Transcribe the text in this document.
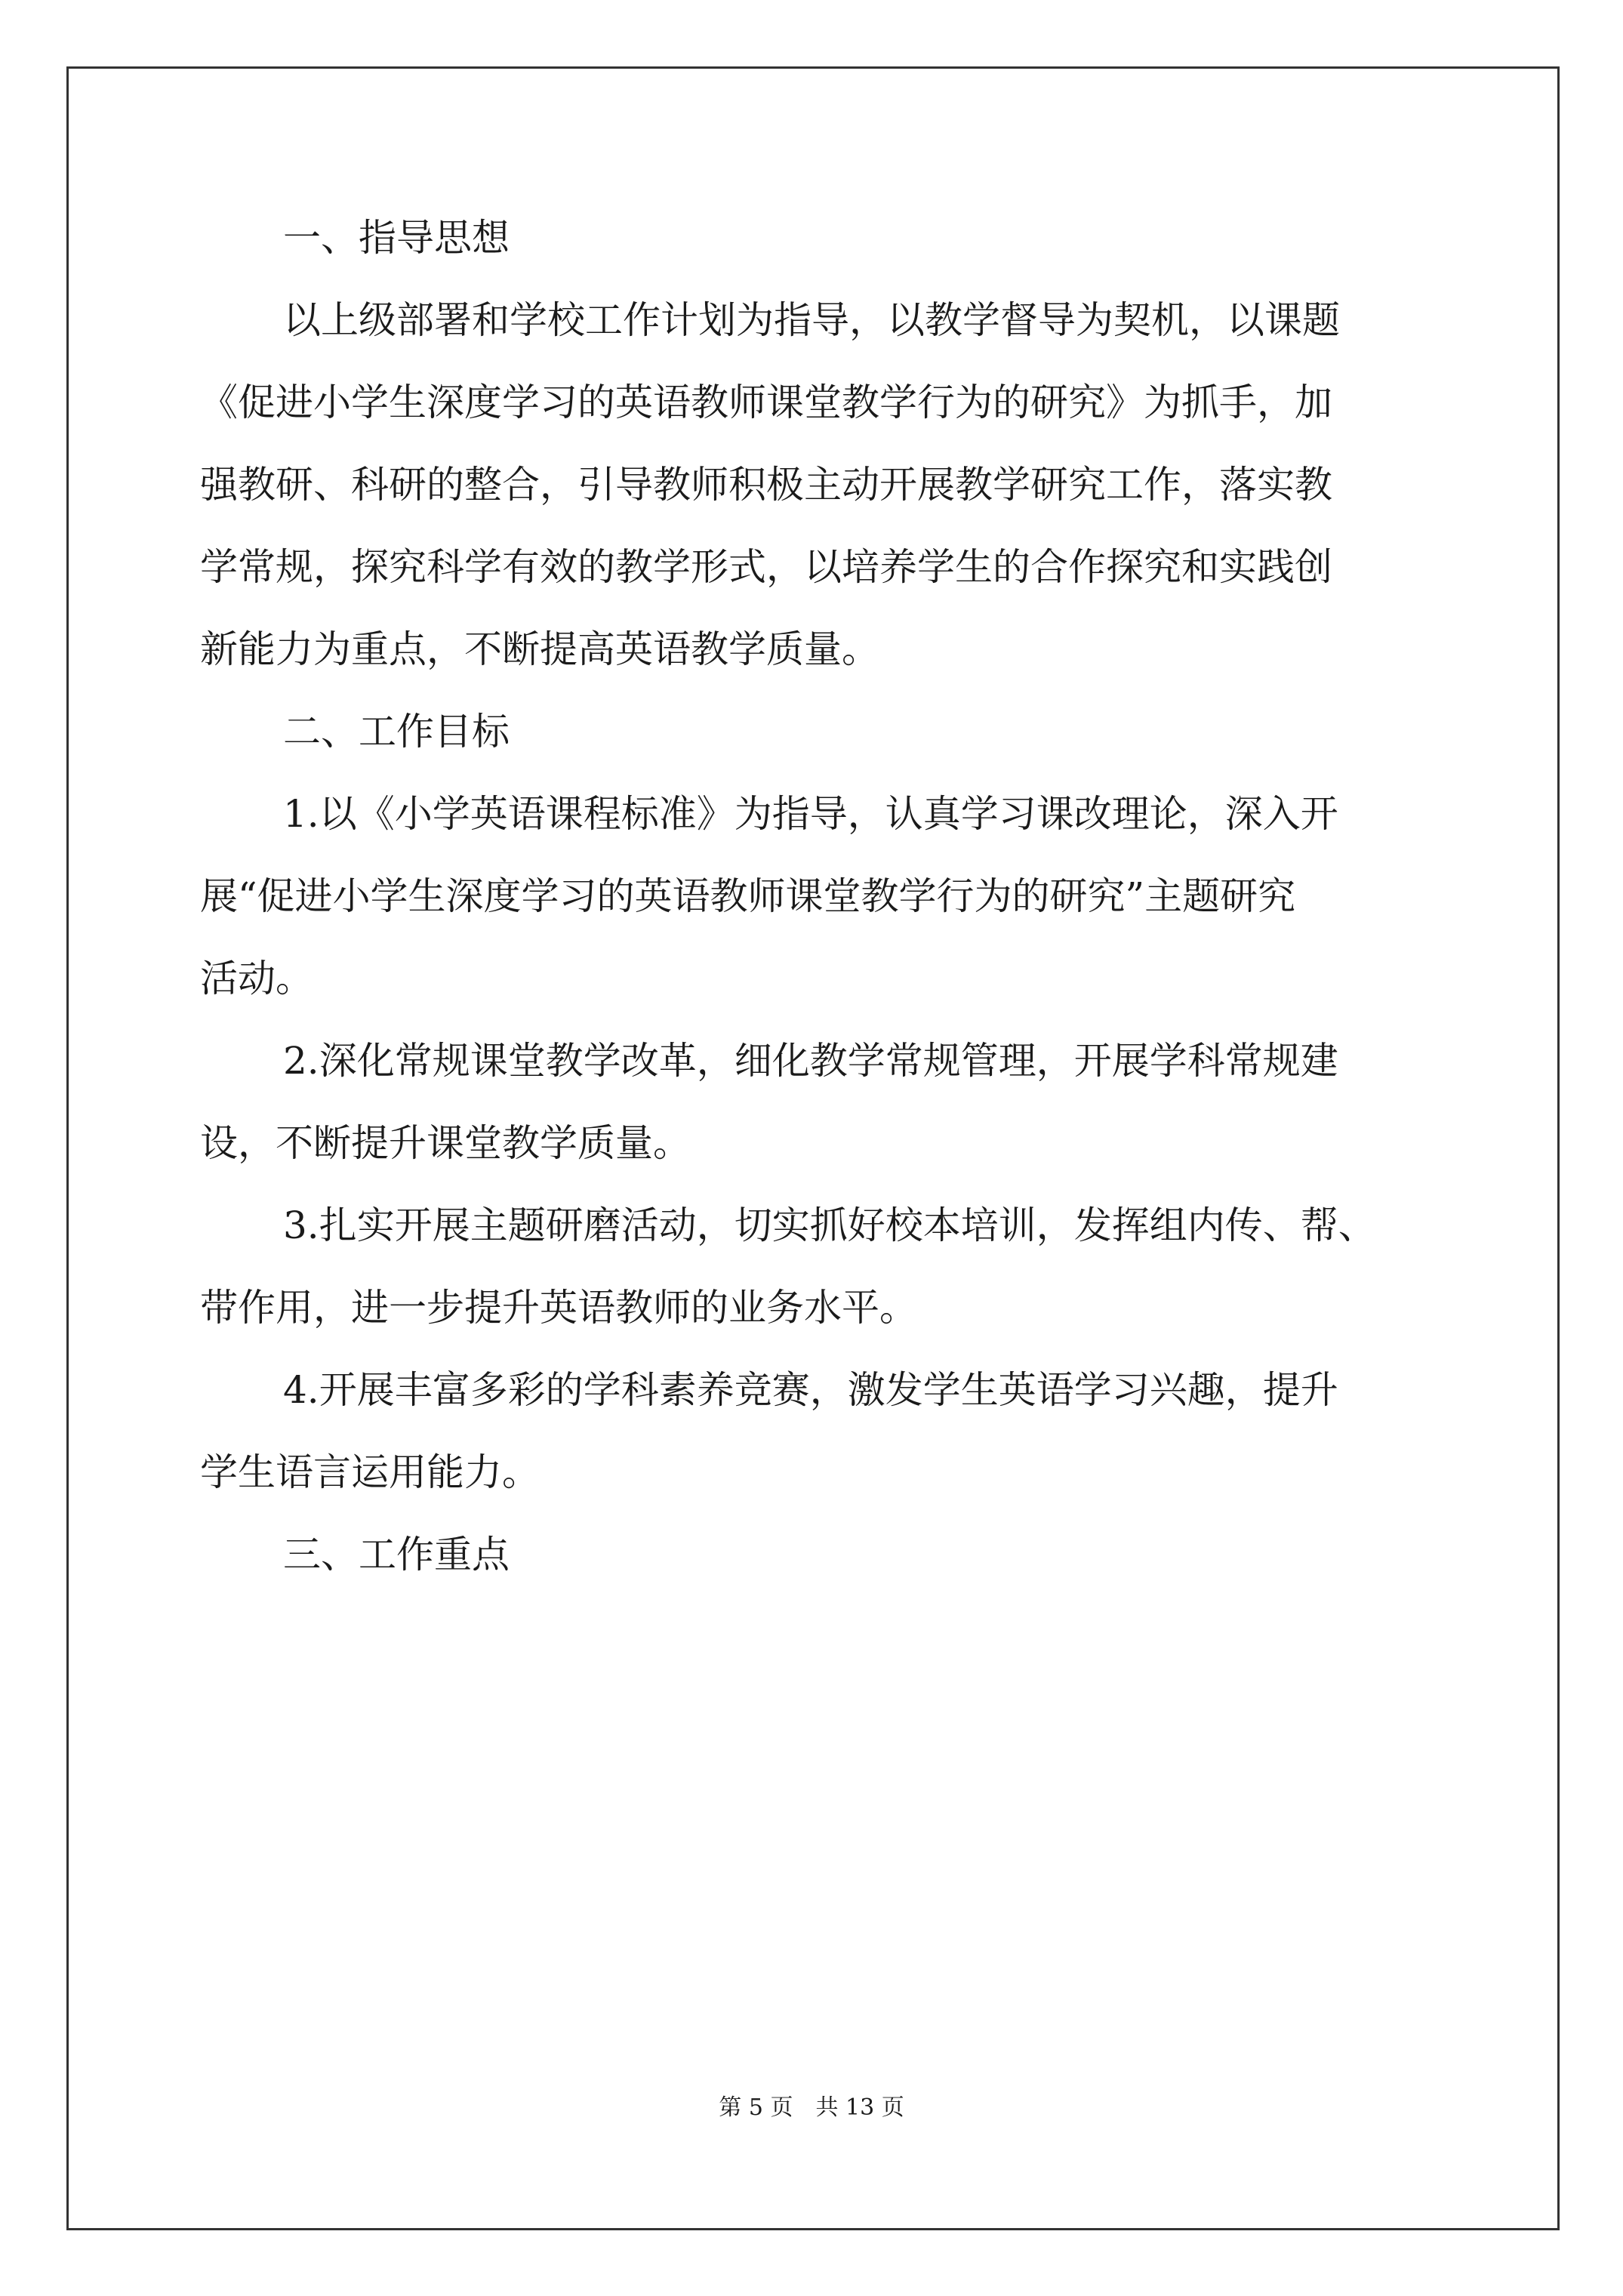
一、指导思想
以上级部署和学校工作计划为指导，以教学督导为契机，以课题
《促进小学生深度学习的英语教师课堂教学行为的研究》为抓手，加
强教研、科研的整合，引导教师积极主动开展教学研究工作，落实教
学常规，探究科学有效的教学形式，以培养学生的合作探究和实践创
新能力为重点，不断提高英语教学质量。
二、工作目标
1.以《小学英语课程标准》为指导，认真学习课改理论，深入开
展“促进小学生深度学习的英语教师课堂教学行为的研究”主题研究
活动。
2.深化常规课堂教学改革，细化教学常规管理，开展学科常规建
设，不断提升课堂教学质量。
3.扎实开展主题研磨活动，切实抓好校本培训，发挥组内传、帮、
带作用，进一步提升英语教师的业务水平。
4.开展丰富多彩的学科素养竞赛，激发学生英语学习兴趣，提升
学生语言运用能力。
三、工作重点
第 5 页　共 13 页
